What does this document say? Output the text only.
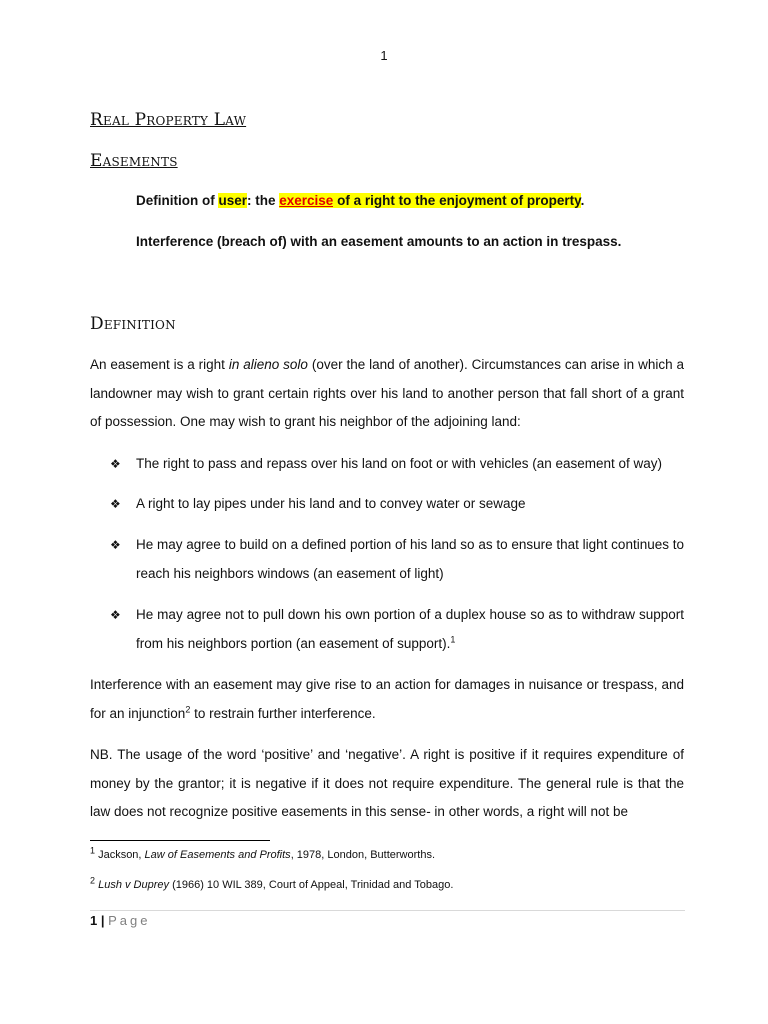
1
Real Property Law
Easements
Definition of user: the exercise of a right to the enjoyment of property.
Interference (breach of) with an easement amounts to an action in trespass.
Definition
An easement is a right in alieno solo (over the land of another). Circumstances can arise in which a landowner may wish to grant certain rights over his land to another person that fall short of a grant of possession. One may wish to grant his neighbor of the adjoining land:
❖	The right to pass and repass over his land on foot or with vehicles (an easement of way)
❖	A right to lay pipes under his land and to convey water or sewage
❖	He may agree to build on a defined portion of his land so as to ensure that light continues to reach his neighbors windows (an easement of light)
❖	He may agree not to pull down his own portion of a duplex house so as to withdraw support from his neighbors portion (an easement of support).$^1$
Interference with an easement may give rise to an action for damages in nuisance or trespass, and for an injunction$^2$ to restrain further interference.
NB. The usage of the word ‘positive’ and ‘negative’. A right is positive if it requires expenditure of money by the grantor; it is negative if it does not require expenditure. The general rule is that the law does not recognize positive easements in this sense- in other words, a right will not be
$^1$ Jackson, Law of Easements and Profits, 1978, London, Butterworths.
$^2$ Lush v Duprey (1966) 10 WIL 389, Court of Appeal, Trinidad and Tobago.
1 | Page
